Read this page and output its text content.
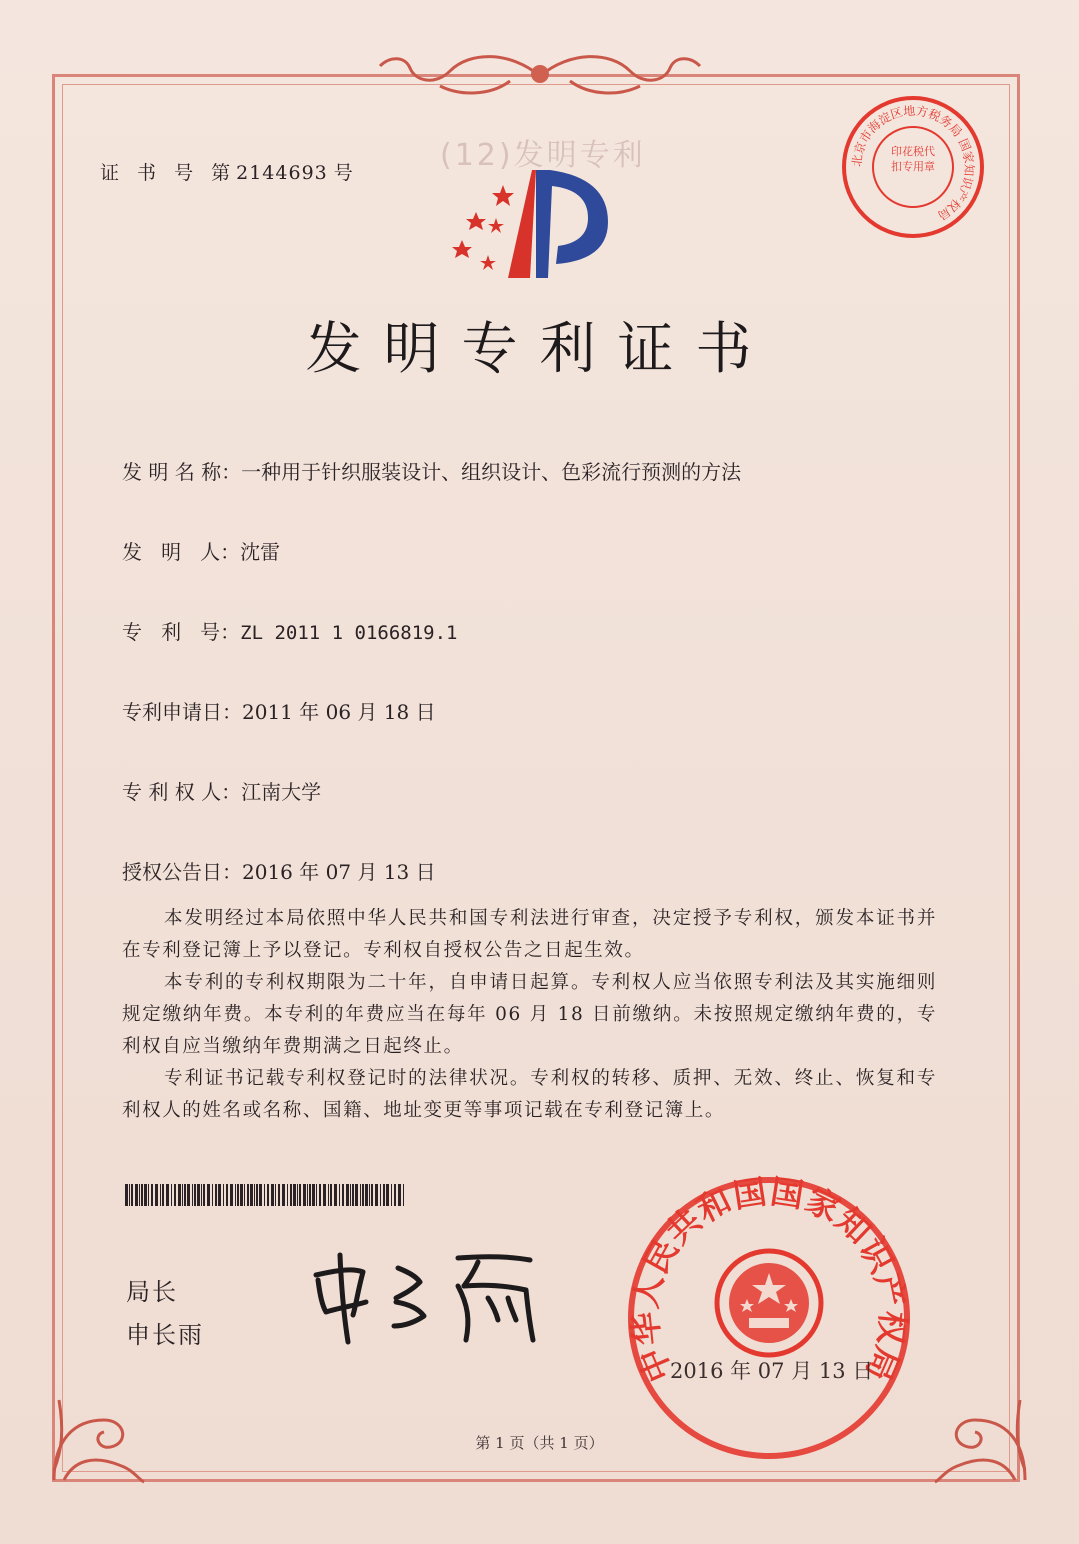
证 书 号 第2144693 号	(12)发明专利	北京市海淀区地方税务局 国家知识产权局
印花税代扣专用章
发明专利证书
发 明 名 称：一种用于针织服装设计、组织设计、色彩流行预测的方法
发   明   人：沈雷
专   利   号：ZL 2011 1 0166819.1
专利申请日：2011 年 06 月 18 日
专 利 权 人：江南大学
授权公告日：2016 年 07 月 13 日
本发明经过本局依照中华人民共和国专利法进行审查，决定授予专利权，颁发本证书并在专利登记簿上予以登记。专利权自授权公告之日起生效。
本专利的专利权期限为二十年，自申请日起算。专利权人应当依照专利法及其实施细则规定缴纳年费。本专利的年费应当在每年 06 月 18 日前缴纳。未按照规定缴纳年费的，专利权自应当缴纳年费期满之日起终止。
专利证书记载专利权登记时的法律状况。专利权的转移、质押、无效、终止、恢复和专利权人的姓名或名称、国籍、地址变更等事项记载在专利登记簿上。
局长
申长雨
中华人民共和国国家知识产权局
2016 年 07 月 13 日
第 1 页（共 1 页）
